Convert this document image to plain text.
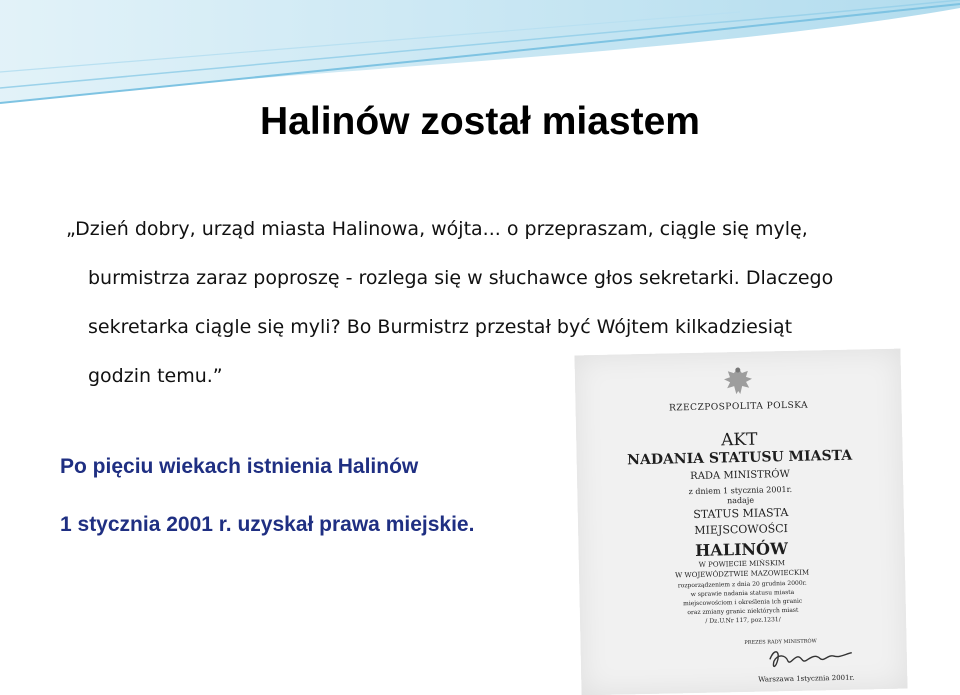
Halinów został miastem
„Dzień dobry, urząd miasta Halinowa, wójta... o przepraszam, ciągle się mylę,
burmistrza zaraz poproszę - rozlega się w słuchawce głos sekretarki. Dlaczego
sekretarka ciągle się myli? Bo Burmistrz przestał być Wójtem kilkadziesiąt
godzin temu.”

Po pięciu wiekach istnienia Halinów

1 stycznia 2001 r. uzyskał prawa miejskie.

RZECZPOSPOLITA POLSKA
AKT
NADANIA STATUSU MIASTA
RADA MINISTRÓW
z dniem 1 stycznia 2001r.
nadaje
STATUS MIASTA
MIEJSCOWOŚCI
HALINÓW
W POWIECIE MIŃSKIM
W WOJEWÓDZTWIE MAZOWIECKIM
rozporządzeniem z dnia 20 grudnia 2000r.
w sprawie nadania statusu miasta
miejscowościom i określenia ich granic
oraz zmiany granic niektórych miast
/ Dz.U.Nr 117, poz.1231/
PREZES RADY MINISTRÓW
Warszawa 1stycznia 2001r.
